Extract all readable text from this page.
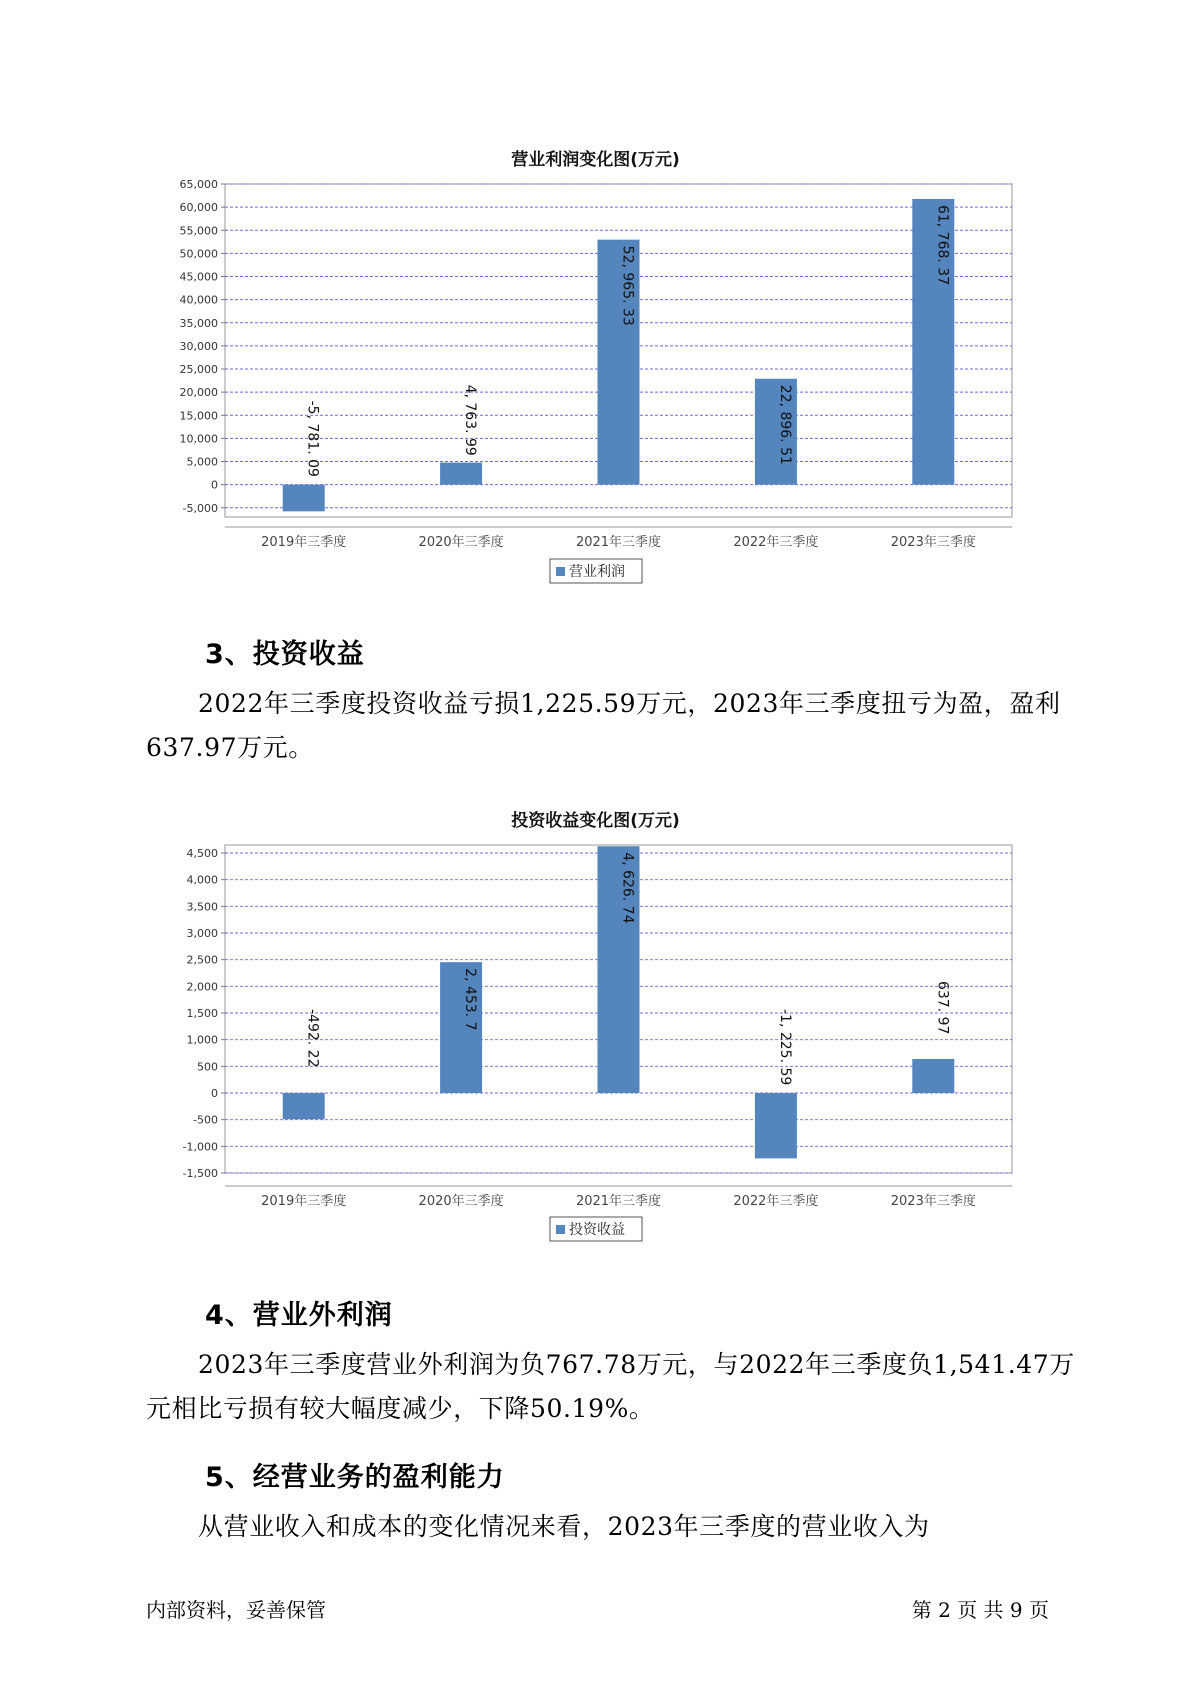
营业利润变化图(万元)
65,000
60,000
55,000
50,000
45,000
40,000
35,000
30,000
25,000
20,000
15,000
10,000
5,000
0
-5,000
-5, 781. 09
2019年三季度
4, 763. 99
2020年三季度
52, 965. 33
2021年三季度
22, 896. 51
2022年三季度
61, 768. 37
2023年三季度
营业利润
3、投资收益
2022年三季度投资收益亏损1,225.59万元，2023年三季度扭亏为盈，盈利637.97万元。
投资收益变化图(万元)
4,500
4,000
3,500
3,000
2,500
2,000
1,500
1,000
500
0
-500
-1,000
-1,500
-492. 22
2019年三季度
2, 453. 7
2020年三季度
4, 626. 74
2021年三季度
-1, 225. 59
2022年三季度
637. 97
2023年三季度
投资收益
4、营业外利润
2023年三季度营业外利润为负767.78万元，与2022年三季度负1,541.47万元相比亏损有较大幅度减少，下降50.19%。
5、经营业务的盈利能力
从营业收入和成本的变化情况来看，2023年三季度的营业收入为
内部资料，妥善保管	第 2 页 共 9 页
